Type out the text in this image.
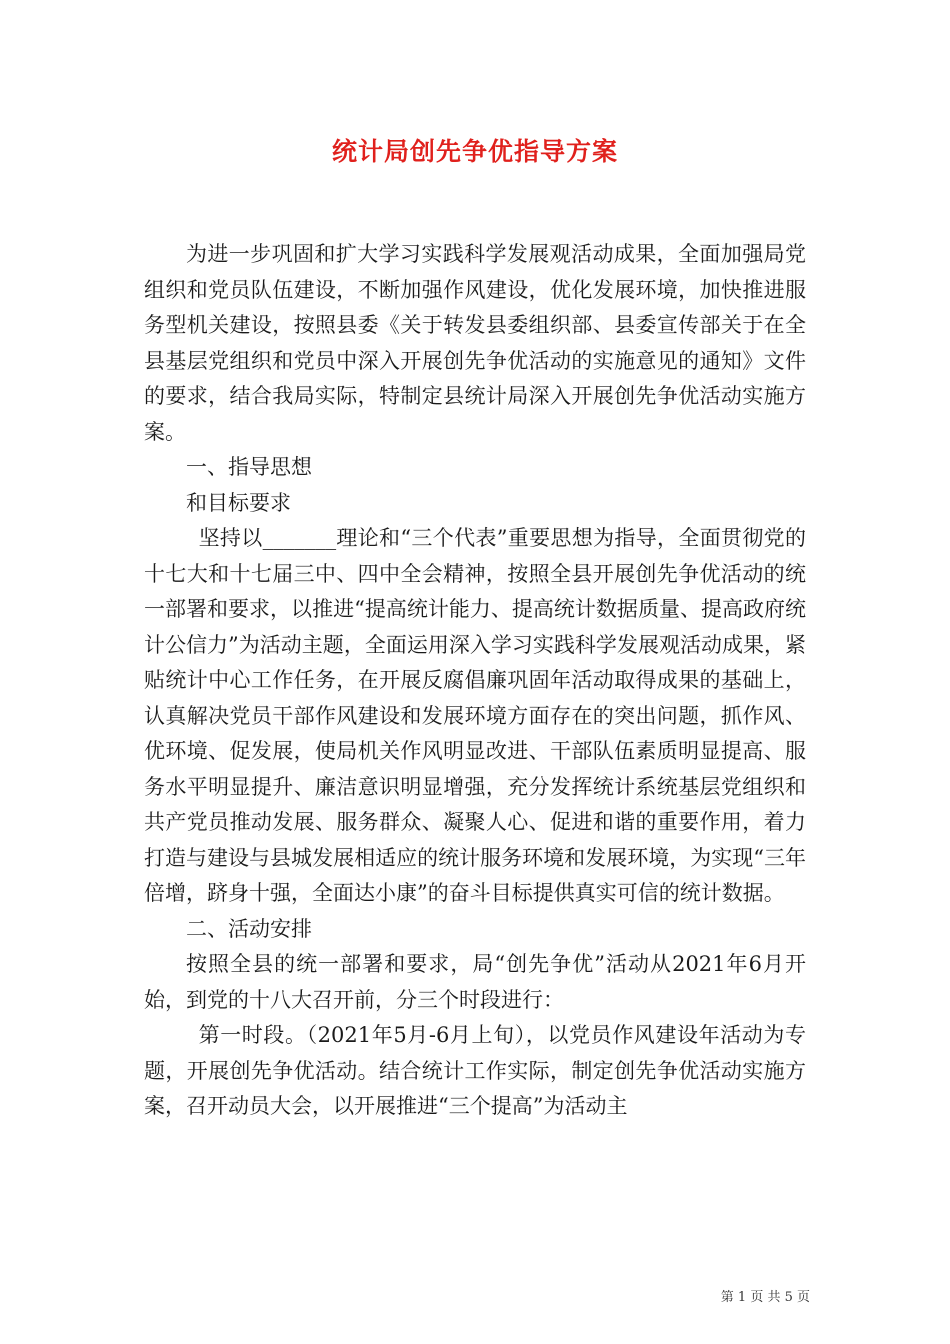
统计局创先争优指导方案

为进一步巩固和扩大学习实践科学发展观活动成果，全面加强局党组织和党员队伍建设，不断加强作风建设，优化发展环境，加快推进服务型机关建设，按照县委《关于转发县委组织部、县委宣传部关于在全县基层党组织和党员中深入开展创先争优活动的实施意见的通知》文件的要求，结合我局实际，特制定县统计局深入开展创先争优活动实施方案。

一、指导思想

和目标要求

坚持以_______理论和“三个代表”重要思想为指导，全面贯彻党的十七大和十七届三中、四中全会精神，按照全县开展创先争优活动的统一部署和要求，以推进“提高统计能力、提高统计数据质量、提高政府统计公信力”为活动主题，全面运用深入学习实践科学发展观活动成果，紧贴统计中心工作任务，在开展反腐倡廉巩固年活动取得成果的基础上，认真解决党员干部作风建设和发展环境方面存在的突出问题，抓作风、优环境、促发展，使局机关作风明显改进、干部队伍素质明显提高、服务水平明显提升、廉洁意识明显增强，充分发挥统计系统基层党组织和共产党员推动发展、服务群众、凝聚人心、促进和谐的重要作用，着力打造与建设与县城发展相适应的统计服务环境和发展环境，为实现“三年倍增，跻身十强，全面达小康”的奋斗目标提供真实可信的统计数据。

二、活动安排

按照全县的统一部署和要求，局“创先争优”活动从2021年6月开始，到党的十八大召开前，分三个时段进行：

第一时段。（2021年5月-6月上旬），以党员作风建设年活动为专题，开展创先争优活动。结合统计工作实际，制定创先争优活动实施方案，召开动员大会，以开展推进“三个提高”为活动主

第 1 页 共 5 页
